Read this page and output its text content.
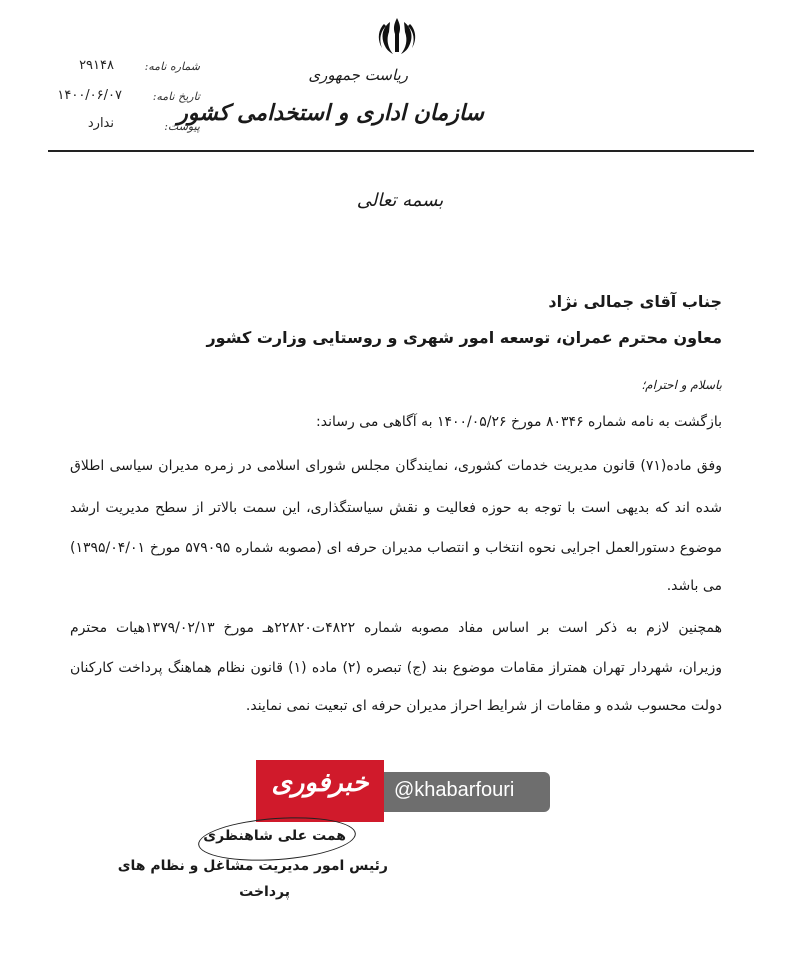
ریاست جمهوری
سازمان اداری و استخدامی کشور
شماره نامه:
۲۹۱۴۸
تاریخ نامه:
۱۴۰۰/۰۶/۰۷
پیوست:
ندارد
بسمه تعالی
جناب آقای جمالی نژاد
معاون محترم عمران، توسعه امور شهری و روستایی وزارت کشور
باسلام و احترام؛
بازگشت به نامه شماره ۸۰۳۴۶ مورخ ۱۴۰۰/۰۵/۲۶ به آگاهی می رساند:
وفق ماده(۷۱) قانون مدیریت خدمات کشوری، نمایندگان مجلس شورای اسلامی در زمره مدیران سیاسی اطلاق
شده اند که بدیهی است با توجه به حوزه فعالیت و نقش سیاستگذاری، این سمت بالاتر از سطح مدیریت ارشد
موضوع دستورالعمل اجرایی نحوه انتخاب و انتصاب مدیران حرفه ای (مصوبه شماره ۵۷۹۰۹۵ مورخ ۱۳۹۵/۰۴/۰۱)
می باشد.
همچنین لازم به ذکر است بر اساس مفاد مصوبه شماره ۴۸۲۲ت۲۲۸۲۰هـ مورخ ۱۳۷۹/۰۲/۱۳هیات محترم
وزیران، شهردار تهران همتراز مقامات موضوع بند (ج) تبصره (۲) ماده (۱) قانون نظام هماهنگ پرداخت کارکنان
دولت محسوب شده و مقامات از شرایط احراز مدیران حرفه ای تبعیت نمی نمایند.
خبرفوری	@khabarfouri
همت علی شاهنظری
رئیس امور مدیریت مشاغل و نظام های
پرداخت
